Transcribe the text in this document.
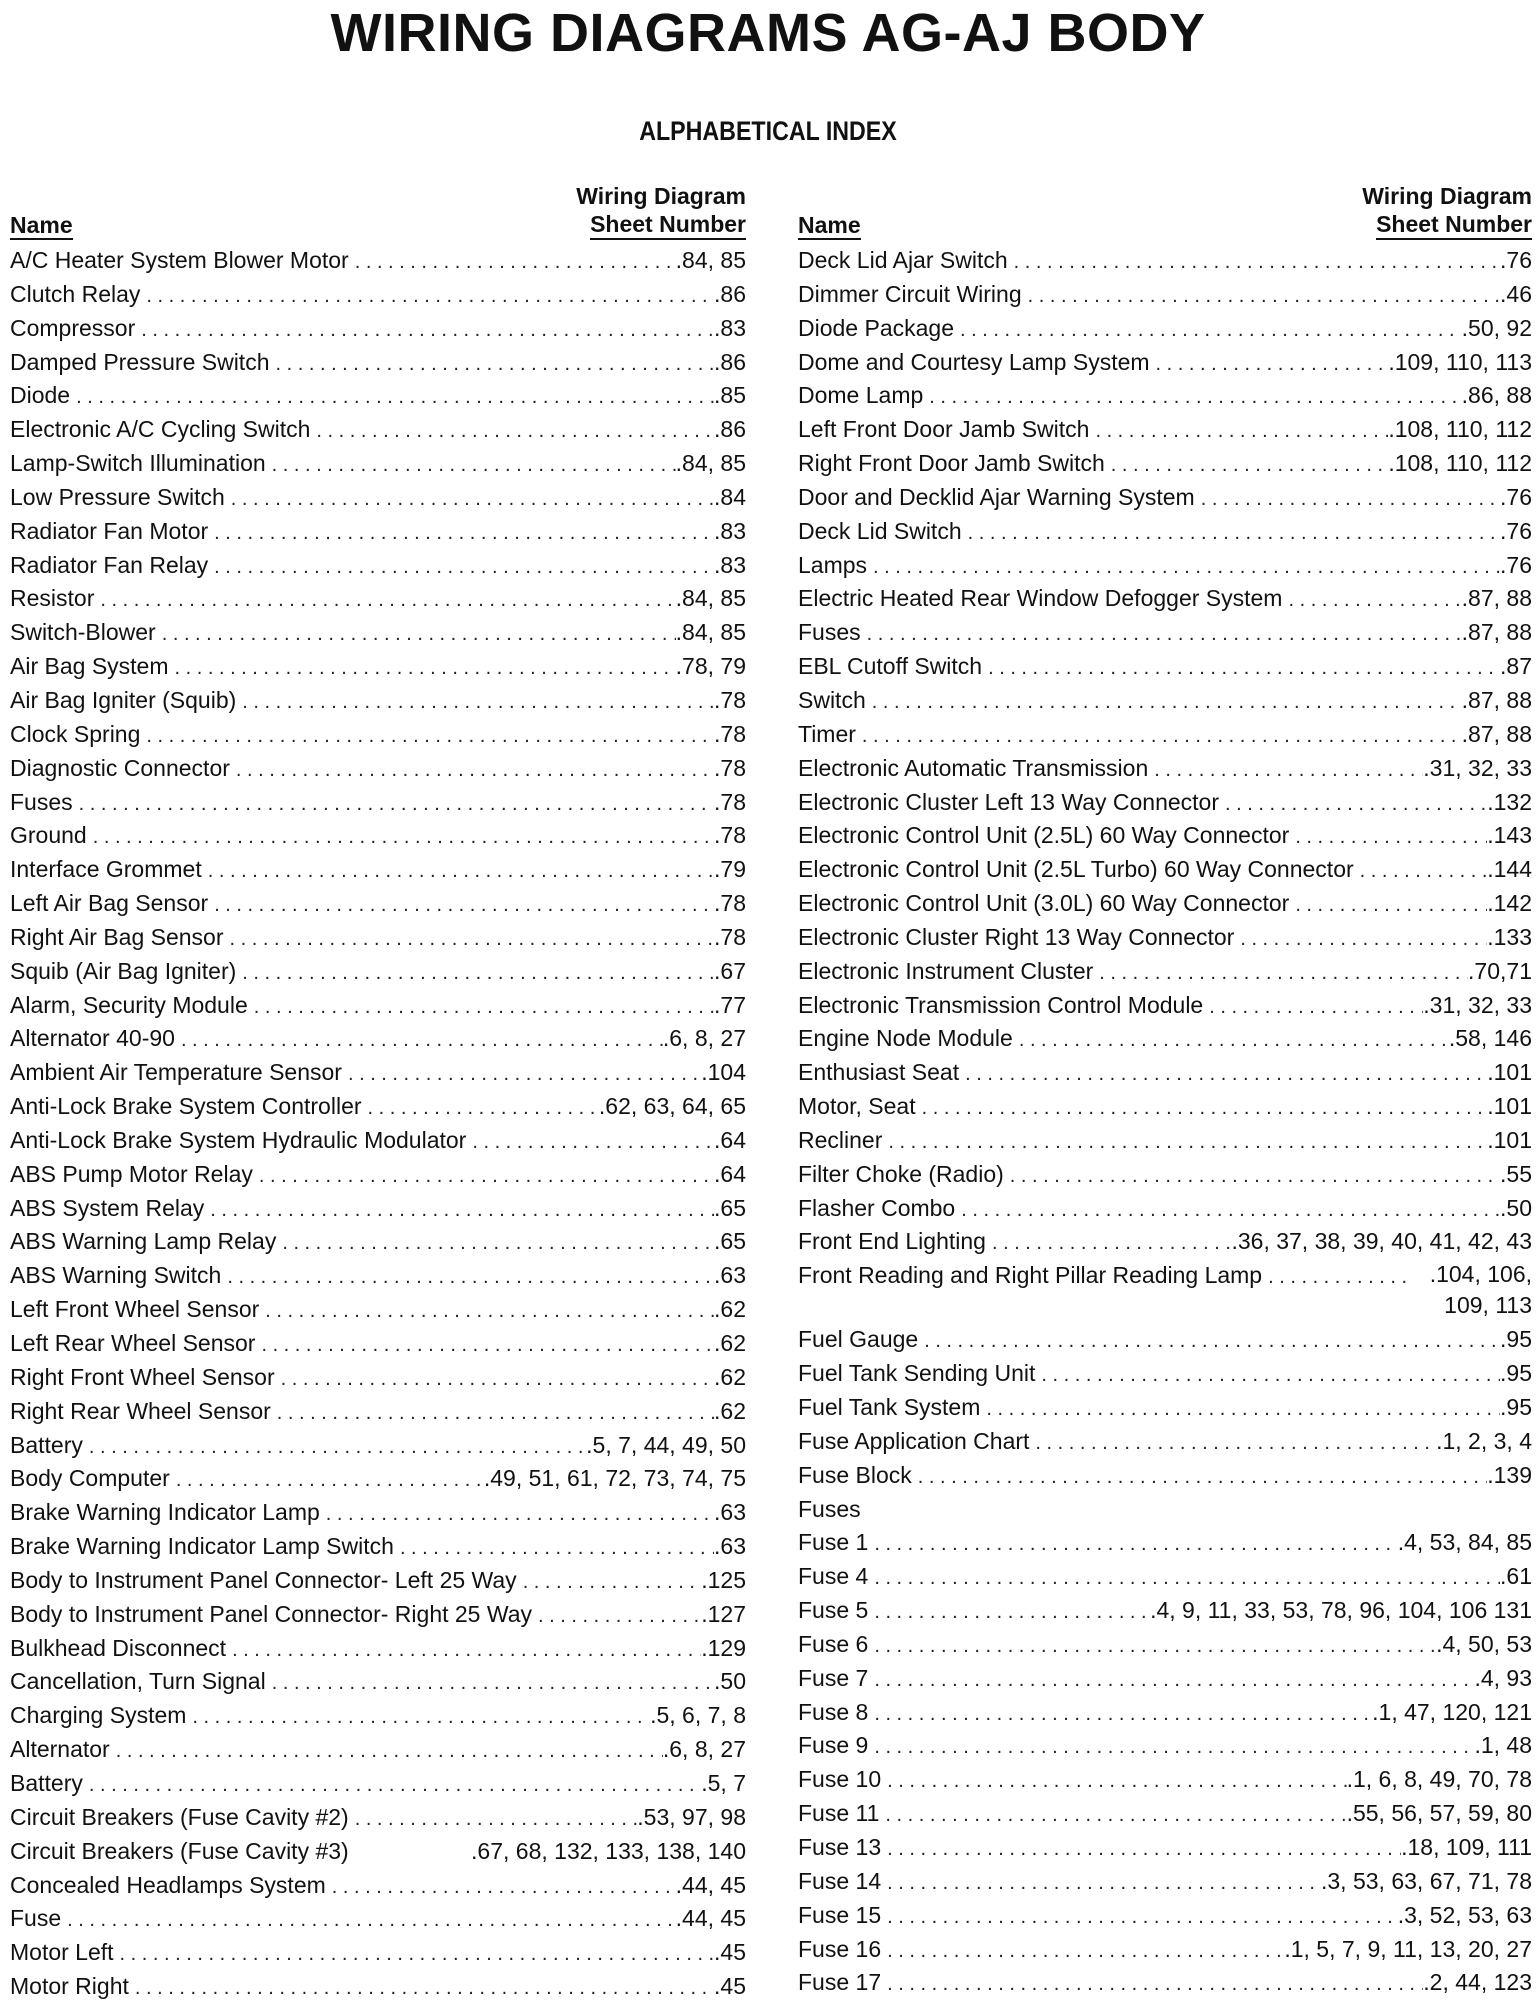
WIRING DIAGRAMS AG-AJ BODY
ALPHABETICAL INDEX
Name
Wiring Diagram
Sheet Number
A/C Heater System Blower Motor . . .	.84, 85
Clutch Relay . . .	.86
Compressor . . .	.83
Damped Pressure Switch . . .	.86
Diode . . .	.85
Electronic A/C Cycling Switch . . .	.86
Lamp-Switch Illumination . . .	.84, 85
Low Pressure Switch . . .	.84
Radiator Fan Motor . . .	.83
Radiator Fan Relay . . .	.83
Resistor . . .	.84, 85
Switch-Blower . . .	.84, 85
Air Bag System . . .	.78, 79
Air Bag Igniter (Squib) . . .	.78
Clock Spring . . .	.78
Diagnostic Connector . . .	.78
Fuses . . .	.78
Ground . . .	.78
Interface Grommet . . .	.79
Left Air Bag Sensor . . .	.78
Right Air Bag Sensor . . .	.78
Squib (Air Bag Igniter) . . .	.67
Alarm, Security Module . . .	.77
Alternator 40-90 . . .	.6, 8, 27
Ambient Air Temperature Sensor . . .	.104
Anti-Lock Brake System Controller . . .	.62, 63, 64, 65
Anti-Lock Brake System Hydraulic Modulator . . .	.64
ABS Pump Motor Relay . . .	.64
ABS System Relay . . .	.65
ABS Warning Lamp Relay . . .	.65
ABS Warning Switch . . .	.63
Left Front Wheel Sensor . . .	.62
Left Rear Wheel Sensor . . .	.62
Right Front Wheel Sensor . . .	.62
Right Rear Wheel Sensor . . .	.62
Battery . . .	.5, 7, 44, 49, 50
Body Computer . . .	.49, 51, 61, 72, 73, 74, 75
Brake Warning Indicator Lamp . . .	.63
Brake Warning Indicator Lamp Switch . . .	.63
Body to Instrument Panel Connector- Left 25 Way . . .	.125
Body to Instrument Panel Connector- Right 25 Way . . .	.127
Bulkhead Disconnect . . .	.129
Cancellation, Turn Signal . . .	.50
Charging System . . .	.5, 6, 7, 8
Alternator . . .	.6, 8, 27
Battery . . .	.5, 7
Circuit Breakers (Fuse Cavity #2) . . .	.53, 97, 98
Circuit Breakers (Fuse Cavity #3)	.67, 68, 132, 133, 138, 140
Concealed Headlamps System . . .	.44, 45
Fuse . . .	.44, 45
Motor Left . . .	.45
Motor Right . . .	.45
Name
Wiring Diagram
Sheet Number
Deck Lid Ajar Switch . . .	.76
Dimmer Circuit Wiring . . .	.46
Diode Package . . .	.50, 92
Dome and Courtesy Lamp System . . .	.109, 110, 113
Dome Lamp . . .	.86, 88
Left Front Door Jamb Switch . . .	.108, 110, 112
Right Front Door Jamb Switch . . .	.108, 110, 112
Door and Decklid Ajar Warning System . . .	.76
Deck Lid Switch . . .	.76
Lamps . . .	.76
Electric Heated Rear Window Defogger System . . .	.87, 88
Fuses . . .	.87, 88
EBL Cutoff Switch . . .	.87
Switch . . .	.87, 88
Timer . . .	.87, 88
Electronic Automatic Transmission . . .	.31, 32, 33
Electronic Cluster Left 13 Way Connector . . .	.132
Electronic Control Unit (2.5L) 60 Way Connector . . .	.143
Electronic Control Unit (2.5L Turbo) 60 Way Connector . . .	.144
Electronic Control Unit (3.0L) 60 Way Connector . . .	.142
Electronic Cluster Right 13 Way Connector . . .	.133
Electronic Instrument Cluster . . .	.70,71
Electronic Transmission Control Module . . .	.31, 32, 33
Engine Node Module . . .	.58, 146
Enthusiast Seat . . .	.101
Motor, Seat . . .	.101
Recliner . . .	.101
Filter Choke (Radio) . . .	.55
Flasher Combo . . .	.50
Front End Lighting . . .	.36, 37, 38, 39, 40, 41, 42, 43
Front Reading and Right Pillar Reading Lamp . . .	.104, 106, 109, 113
Fuel Gauge . . .	.95
Fuel Tank Sending Unit . . .	.95
Fuel Tank System . . .	.95
Fuse Application Chart . . .	.1, 2, 3, 4
Fuse Block . . .	.139
Fuses
Fuse 1 . . .	.4, 53, 84, 85
Fuse 4 . . .	.61
Fuse 5 . . .	.4, 9, 11, 33, 53, 78, 96, 104, 106 131
Fuse 6 . . .	.4, 50, 53
Fuse 7 . . .	.4, 93
Fuse 8 . . .	.1, 47, 120, 121
Fuse 9 . . .	.1, 48
Fuse 10 . . .	.1, 6, 8, 49, 70, 78
Fuse 11 . . .	.55, 56, 57, 59, 80
Fuse 13 . . .	.18, 109, 111
Fuse 14 . . .	.3, 53, 63, 67, 71, 78
Fuse 15 . . .	.3, 52, 53, 63
Fuse 16 . . .	.1, 5, 7, 9, 11, 13, 20, 27
Fuse 17 . . .	.2, 44, 123
